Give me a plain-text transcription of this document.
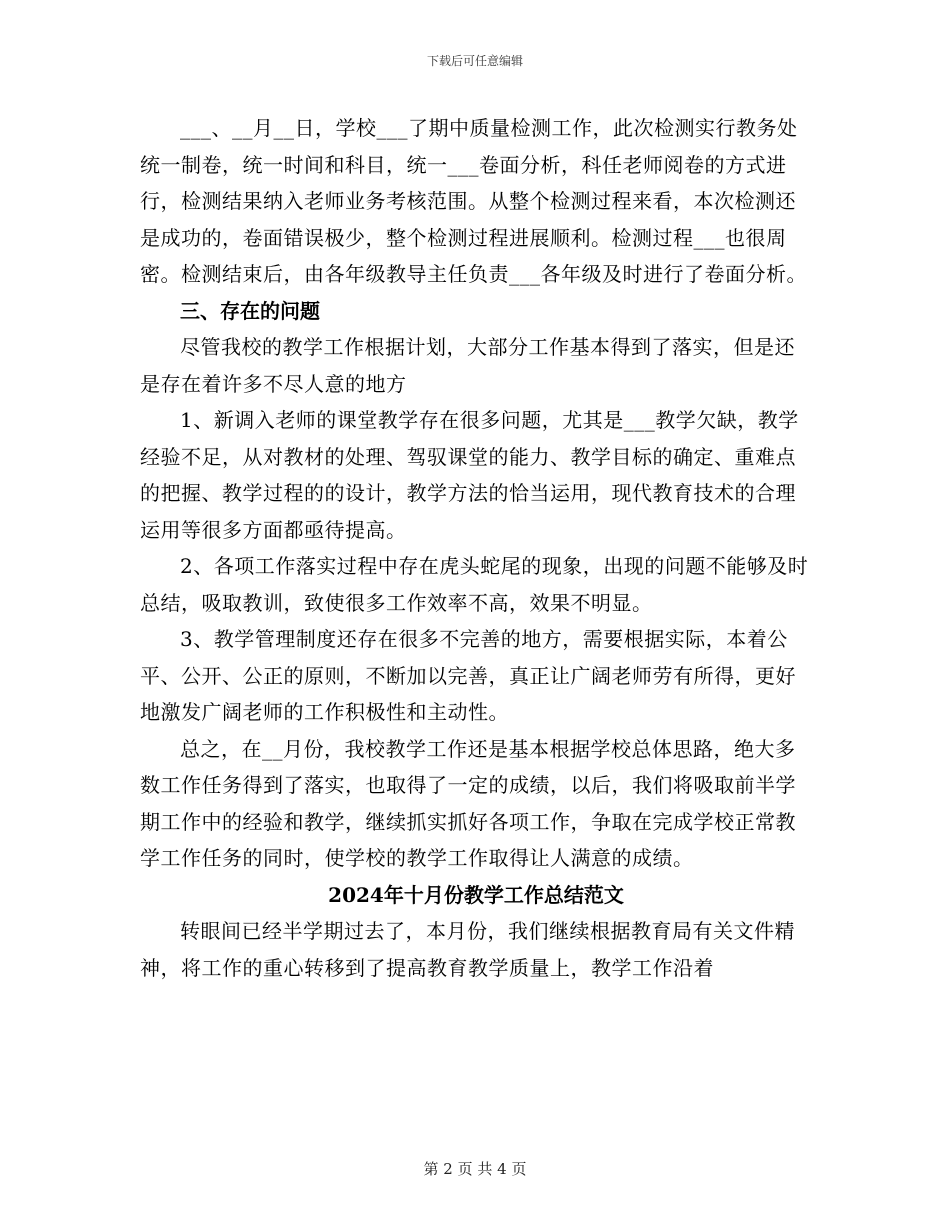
下载后可任意编辑

___、__月__日，学校___了期中质量检测工作，此次检测实行教务处统一制卷，统一时间和科目，统一___卷面分析，科任老师阅卷的方式进行，检测结果纳入老师业务考核范围。从整个检测过程来看，本次检测还是成功的，卷面错误极少，整个检测过程进展顺利。检测过程___也很周密。检测结束后，由各年级教导主任负责___各年级及时进行了卷面分析。

三、存在的问题

尽管我校的教学工作根据计划，大部分工作基本得到了落实，但是还是存在着许多不尽人意的地方

1、新调入老师的课堂教学存在很多问题，尤其是___教学欠缺，教学经验不足，从对教材的处理、驾驭课堂的能力、教学目标的确定、重难点的把握、教学过程的的设计，教学方法的恰当运用，现代教育技术的合理运用等很多方面都亟待提高。

2、各项工作落实过程中存在虎头蛇尾的现象，出现的问题不能够及时总结，吸取教训，致使很多工作效率不高，效果不明显。

3、教学管理制度还存在很多不完善的地方，需要根据实际，本着公平、公开、公正的原则，不断加以完善，真正让广阔老师劳有所得，更好地激发广阔老师的工作积极性和主动性。

总之，在__月份，我校教学工作还是基本根据学校总体思路，绝大多数工作任务得到了落实，也取得了一定的成绩，以后，我们将吸取前半学期工作中的经验和教学，继续抓实抓好各项工作，争取在完成学校正常教学工作任务的同时，使学校的教学工作取得让人满意的成绩。

2024年十月份教学工作总结范文

转眼间已经半学期过去了，本月份，我们继续根据教育局有关文件精神，将工作的重心转移到了提高教育教学质量上，教学工作沿着

第 2 页 共 4 页
